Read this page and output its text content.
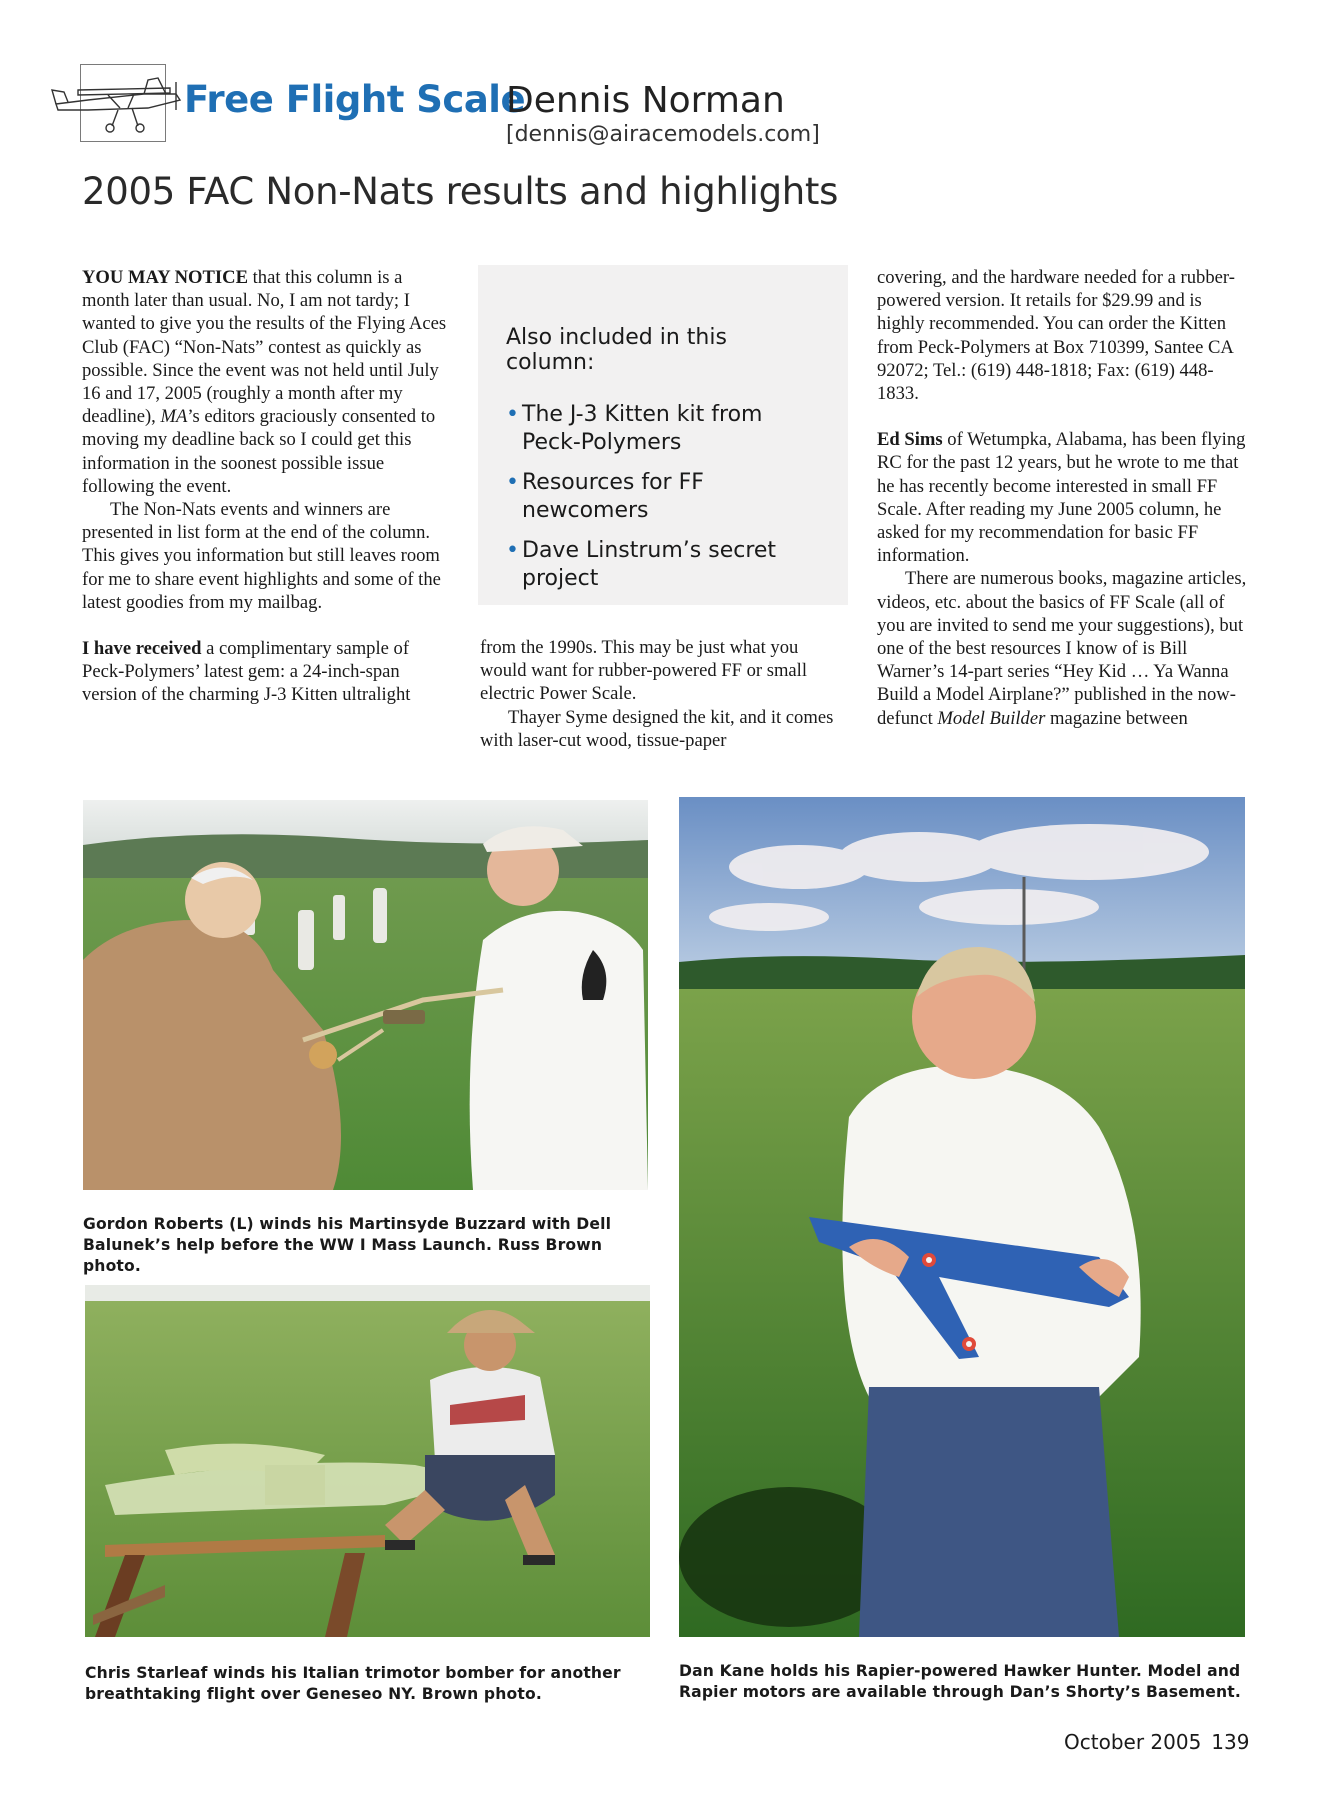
Free Flight Scale
Dennis Norman
[dennis@airacemodels.com]
2005 FAC Non-Nats results and highlights

YOU MAY NOTICE that this column is a month later than usual. No, I am not tardy; I wanted to give you the results of the Flying Aces Club (FAC) “Non-Nats” contest as quickly as possible. Since the event was not held until July 16 and 17, 2005 (roughly a month after my deadline), MA’s editors graciously consented to moving my deadline back so I could get this information in the soonest possible issue following the event.

The Non-Nats events and winners are presented in list form at the end of the column. This gives you information but still leaves room for me to share event highlights and some of the latest goodies from my mailbag.

I have received a complimentary sample of Peck-Polymers’ latest gem: a 24-inch-span version of the charming J-3 Kitten ultralight

Also included in this column:
• The J-3 Kitten kit from Peck-Polymers
• Resources for FF newcomers
• Dave Linstrum’s secret project

from the 1990s. This may be just what you would want for rubber-powered FF or small electric Power Scale.

Thayer Syme designed the kit, and it comes with laser-cut wood, tissue-paper

covering, and the hardware needed for a rubber-powered version. It retails for $29.99 and is highly recommended. You can order the Kitten from Peck-Polymers at Box 710399, Santee CA 92072; Tel.: (619) 448-1818; Fax: (619) 448-1833.

Ed Sims of Wetumpka, Alabama, has been flying RC for the past 12 years, but he wrote to me that he has recently become interested in small FF Scale. After reading my June 2005 column, he asked for my recommendation for basic FF information.

There are numerous books, magazine articles, videos, etc. about the basics of FF Scale (all of you are invited to send me your suggestions), but one of the best resources I know of is Bill Warner’s 14-part series “Hey Kid … Ya Wanna Build a Model Airplane?” published in the now-defunct Model Builder magazine between

Gordon Roberts (L) winds his Martinsyde Buzzard with Dell Balunek’s help before the WW I Mass Launch. Russ Brown photo.
Chris Starleaf winds his Italian trimotor bomber for another breathtaking flight over Geneseo NY. Brown photo.
Dan Kane holds his Rapier-powered Hawker Hunter. Model and Rapier motors are available through Dan’s Shorty’s Basement.
October 2005 139
